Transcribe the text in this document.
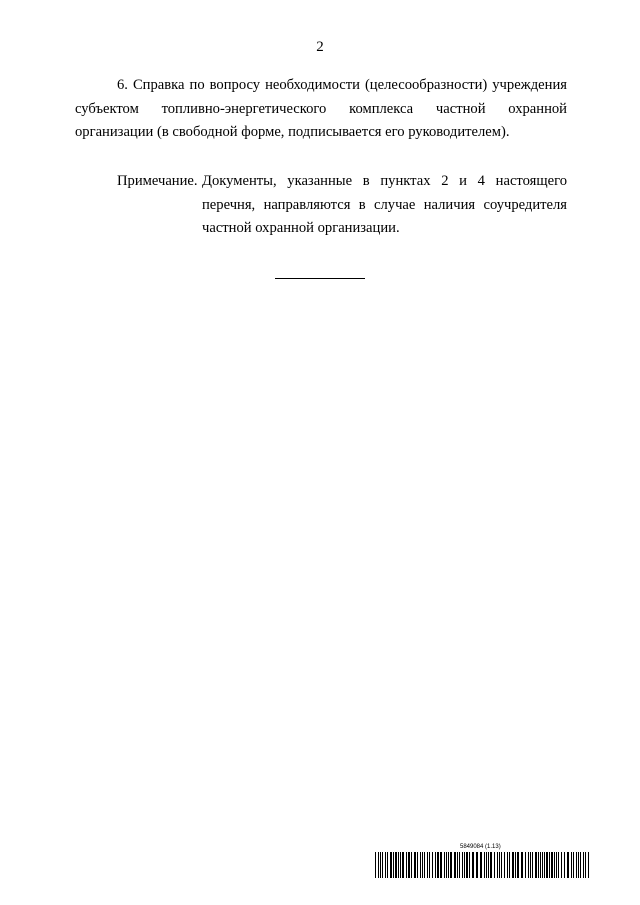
2

6. Справка по вопросу необходимости (целесообразности) учреждения субъектом топливно-энергетического комплекса частной охранной организации (в свободной форме, подписывается его руководителем).

Примечание. Документы, указанные в пунктах 2 и 4 настоящего перечня, направляются в случае наличия соучредителя частной охранной организации.

5849084 (1.13)
